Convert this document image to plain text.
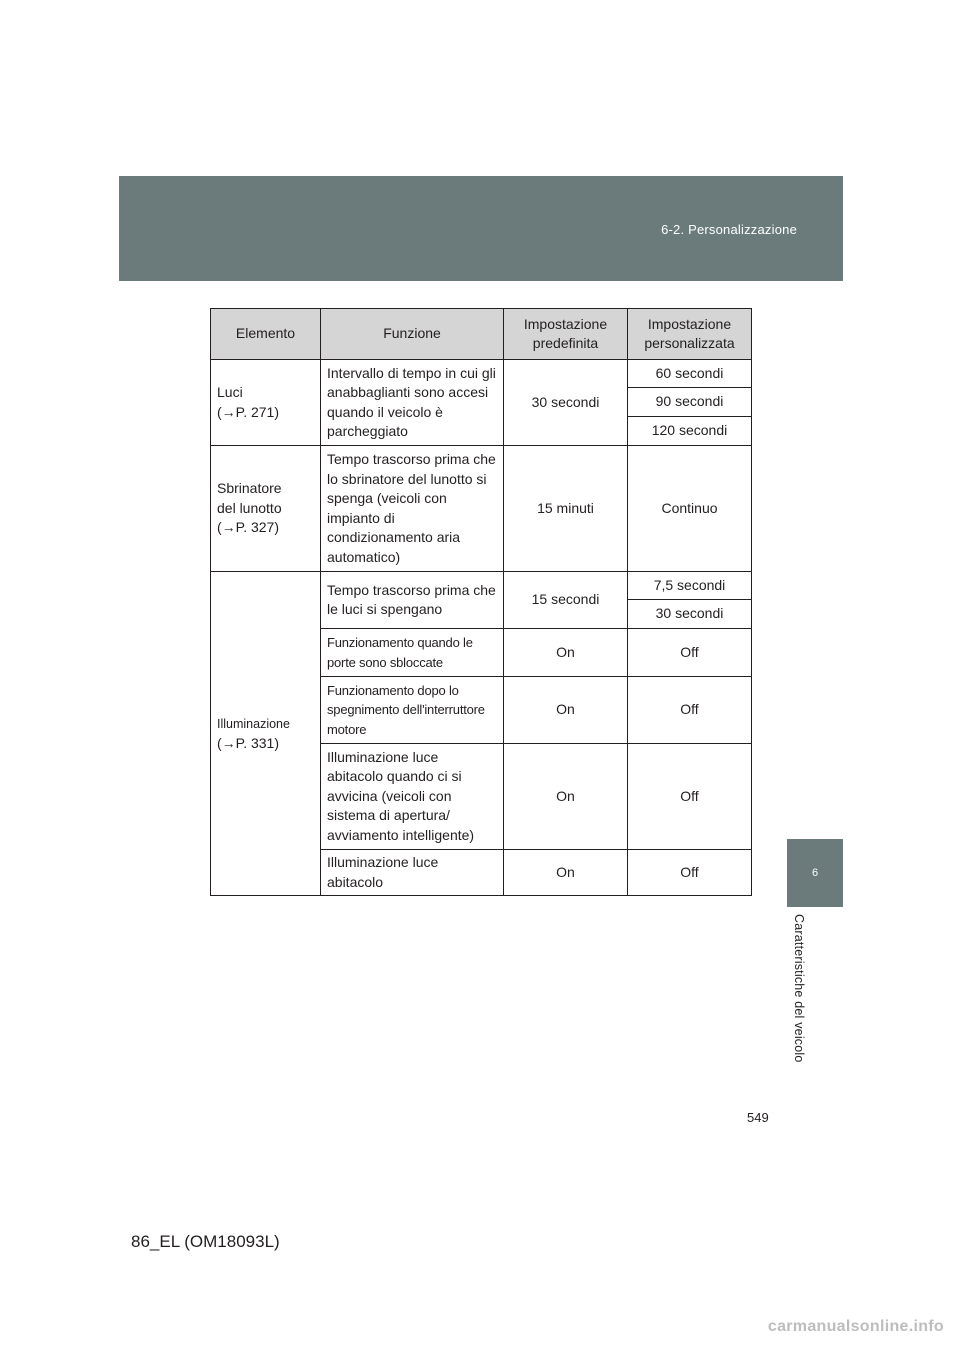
6-2. Personalizzazione
6
Caratteristiche del veicolo
Elemento	Funzione	Impostazione predefinita	Impostazione personalizzata
Luci
(→P. 271)	Intervallo di tempo in cui gli anabbaglianti sono accesi quando il veicolo è parcheggiato	30 secondi	60 secondi
			90 secondi
			120 secondi
Sbrinatore
del lunotto
(→P. 327)	Tempo trascorso prima che lo sbrinatore del lunotto si spenga (veicoli con impianto di condizionamento aria automatico)	15 minuti	Continuo
Illuminazione
(→P. 331)	Tempo trascorso prima che le luci si spengano	15 secondi	7,5 secondi
			30 secondi
	Funzionamento quando le porte sono sbloccate	On	Off
	Funzionamento dopo lo spegnimento dell'interruttore motore	On	Off
	Illuminazione luce abitacolo quando ci si avvicina (veicoli con sistema di apertura/ avviamento intelligente)	On	Off
	Illuminazione luce abitacolo	On	Off
549
86_EL (OM18093L)
carmanualsonline.info
